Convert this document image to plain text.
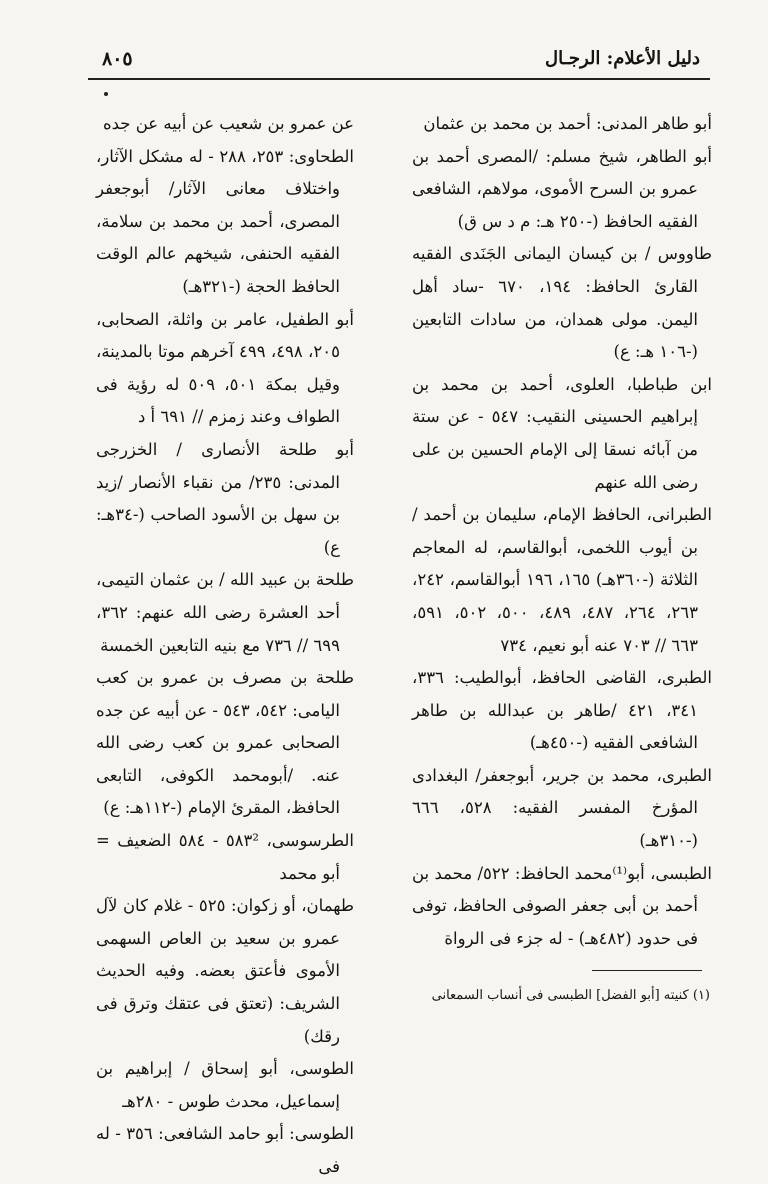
٨٠٥	دليل الأعلام: الرجـال

أبو طاهر المدنى: أحمد بن محمد بن عثمان

أبو الطاهر، شيخ مسلم: /المصرى أحمد بن عمرو بن السرح الأموى، مولاهم، الشافعى الفقيه الحافظ (-٢٥٠ هـ: م د س ق)

طاووس / بن كيسان اليمانى الجَنَدى الفقيه القارئ الحافظ: ١٩٤، ٦٧٠ -ساد أهل اليمن. مولى همدان، من سادات التابعين (-١٠٦ هـ: ع)

ابن طباطبا، العلوى، أحمد بن محمد بن إبراهيم الحسينى النقيب: ٥٤٧ - عن ستة من آبائه نسقا إلى الإمام الحسين بن على رضى الله عنهم

الطبرانى، الحافظ الإمام، سليمان بن أحمد / بن أيوب اللخمى، أبوالقاسم، له المعاجم الثلاثة (-٣٦٠هـ) ١٦٥، ١٩٦ أبوالقاسم، ٢٤٢، ٢٦٣، ٢٦٤، ٤٨٧، ٤٨٩، ٥٠٠، ٥٠٢، ٥٩١، ٦٦٣ // ٧٠٣ عنه أبو نعيم، ٧٣٤

الطبرى، القاضى الحافظ، أبوالطيب: ٣٣٦، ٣٤١، ٤٢١ /طاهر بن عبدالله بن طاهر الشافعى الفقيه (-٤٥٠هـ)

الطبرى، محمد بن جرير، أبوجعفر/ البغدادى المؤرخ المفسر الفقيه: ٥٢٨، ٦٦٦ (-٣١٠هـ)

الطبسى، أبو⁽¹⁾محمد الحافظ: ٥٢٢/ محمد بن أحمد بن أبى جعفر الصوفى الحافظ، توفى فى حدود (٤٨٢هـ) - له جزء فى الرواة

عن عمرو بن شعيب عن أبيه عن جده

الطحاوى: ٢٥٣، ٢٨٨ - له مشكل الآثار، واختلاف معانى الآثار/ أبوجعفر المصرى، أحمد بن محمد بن سلامة، الفقيه الحنفى، شيخهم عالم الوقت الحافظ الحجة (-٣٢١هـ)

أبو الطفيل، عامر بن واثلة، الصحابى، ٢٠٥، ٤٩٨، ٤٩٩ آخرهم موتا بالمدينة، وقيل بمكة ٥٠١، ٥٠٩ له رؤية فى الطواف وعند زمزم // ٦٩١ أ د

أبو طلحة الأنصارى / الخزرجى المدنى: ٢٣٥/ من نقباء الأنصار /زيد بن سهل بن الأسود الصاحب (-٣٤هـ: ع)

طلحة بن عبيد الله / بن عثمان التيمى، أحد العشرة رضى الله عنهم: ٣٦٢، ٦٩٩ // ٧٣٦ مع بنيه التابعين الخمسة

طلحة بن مصرف بن عمرو بن كعب اليامى: ٥٤٢، ٥٤٣ - عن أبيه عن جده الصحابى عمرو بن كعب رضى الله عنه. /أبومحمد الكوفى، التابعى الحافظ، المقرئ الإمام (-١١٢هـ: ع)

الطرسوسى، ٥٨٣² - ٥٨٤ الضعيف = أبو محمد

طهمان، أو زكوان: ٥٢٥ - غلام كان لآل عمرو بن سعيد بن العاص السهمى الأموى فأعتق بعضه. وفيه الحديث الشريف: (تعتق فى عتقك وترق فى رقك)

الطوسى، أبو إسحاق / إبراهيم بن إسماعيل، محدث طوس - ٢٨٠هـ

الطوسى: أبو حامد الشافعى: ٣٥٦ - له فى

(١) كنيته [أبو الفضل] الطبسى فى أنساب السمعانى
